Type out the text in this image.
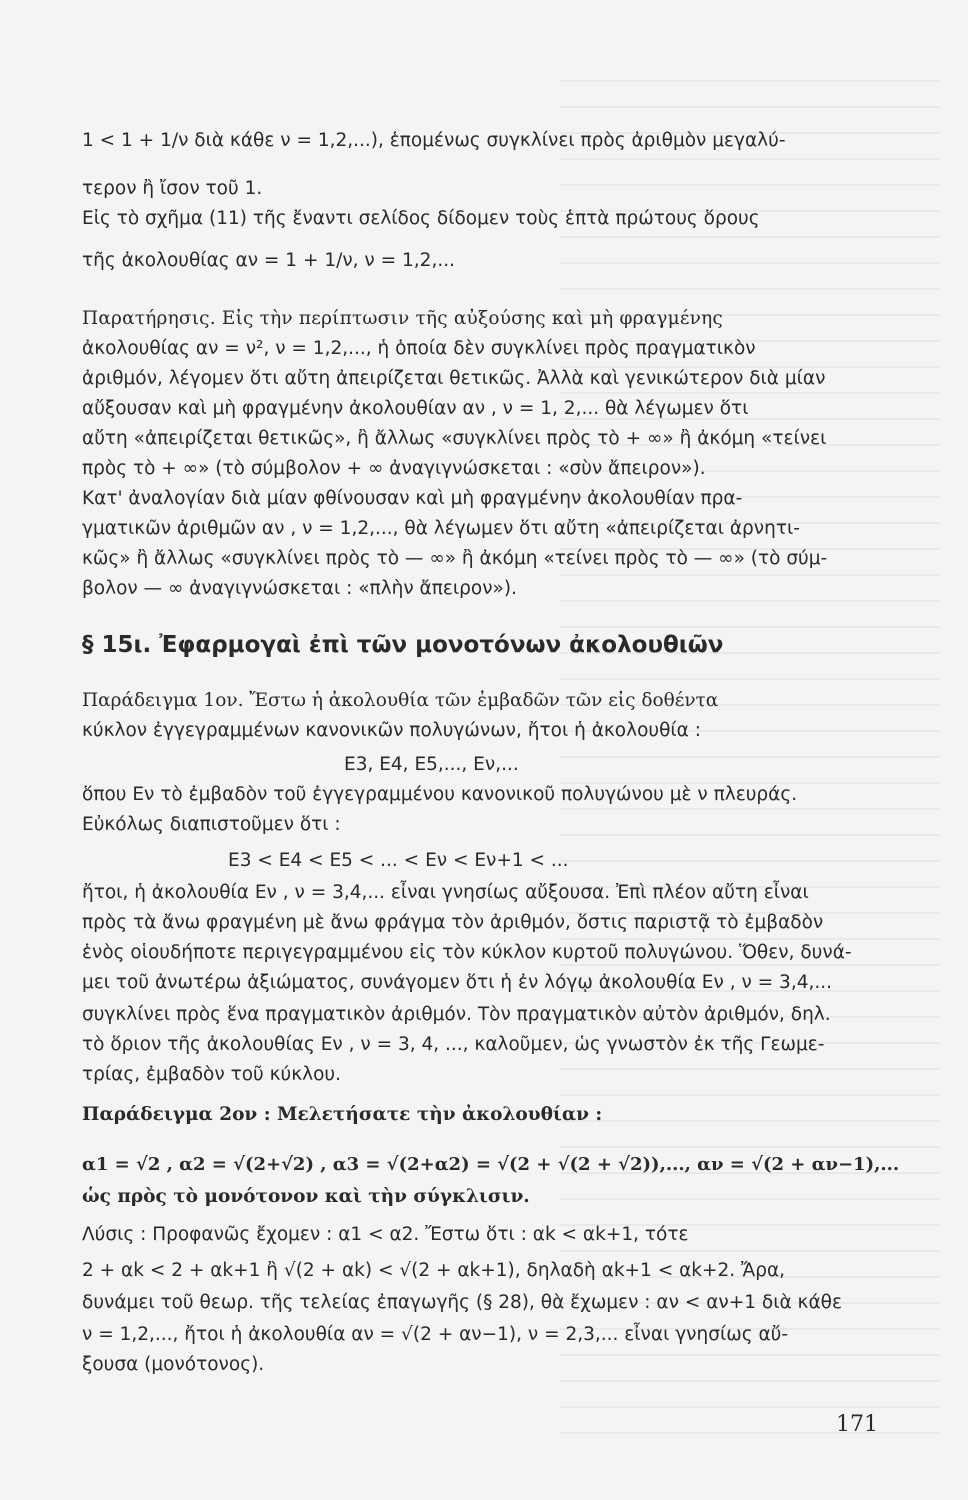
1 < 1 + 1/ν διὰ κάθε ν = 1,2,...), ἑπομένως συγκλίνει πρὸς ἀριθμὸν μεγαλύ-
τερον ἢ ἴσον τοῦ 1.
Εἰς τὸ σχῆμα (11) τῆς ἔναντι σελίδος δίδομεν τοὺς ἑπτὰ πρώτους ὅρους
τῆς ἀκολουθίας αν = 1 + 1/ν, ν = 1,2,...
Παρατήρησις. Εἰς τὴν περίπτωσιν τῆς αὐξούσης καὶ μὴ φραγμένης
ἀκολουθίας αν = ν², ν = 1,2,..., ἡ ὁποία δὲν συγκλίνει πρὸς πραγματικὸν
ἀριθμόν, λέγομεν ὅτι αὔτη ἀπειρίζεται θετικῶς. Ἀλλὰ καὶ γενικώτερον διὰ μίαν
αὔξουσαν καὶ μὴ φραγμένην ἀκολουθίαν αν , ν = 1, 2,... θὰ λέγωμεν ὅτι
αὔτη «ἀπειρίζεται θετικῶς», ἢ ἄλλως «συγκλίνει πρὸς τὸ + ∞» ἢ ἀκόμη «τείνει
πρὸς τὸ + ∞» (τὸ σύμβολον + ∞ ἀναγιγνώσκεται : «σὺν ἄπειρον»).
Κατ' ἀναλογίαν διὰ μίαν φθίνουσαν καὶ μὴ φραγμένην ἀκολουθίαν πρα-
γματικῶν ἀριθμῶν αν , ν = 1,2,..., θὰ λέγωμεν ὅτι αὔτη «ἀπειρίζεται ἀρνητι-
κῶς» ἢ ἄλλως «συγκλίνει πρὸς τὸ — ∞» ἢ ἀκόμη «τείνει πρὸς τὸ — ∞» (τὸ σύμ-
βολον — ∞ ἀναγιγνώσκεται : «πλὴν ἄπειρον»).
§ 15ι. Ἐφαρμογαὶ ἐπὶ τῶν μονοτόνων ἀκολουθιῶν
Παράδειγμα 1ον. Ἔστω ἡ ἀκολουθία τῶν ἐμβαδῶν τῶν εἰς δοθέντα
κύκλον ἐγγεγραμμένων κανονικῶν πολυγώνων, ἤτοι ἡ ἀκολουθία :
Ε3, Ε4, Ε5,..., Εν,...
ὅπου Εν τὸ ἐμβαδὸν τοῦ ἐγγεγραμμένου κανονικοῦ πολυγώνου μὲ ν πλευράς.
Εὐκόλως διαπιστοῦμεν ὅτι :
Ε3 < Ε4 < Ε5 < ... < Εν < Εν+1 < ...
ἤτοι, ἡ ἀκολουθία Εν , ν = 3,4,... εἶναι γνησίως αὔξουσα. Ἐπὶ πλέον αὔτη εἶναι
πρὸς τὰ ἄνω φραγμένη μὲ ἄνω φράγμα τὸν ἀριθμόν, ὅστις παριστᾷ τὸ ἐμβαδὸν
ἑνὸς οἱουδήποτε περιγεγραμμένου εἰς τὸν κύκλον κυρτοῦ πολυγώνου. Ὅθεν, δυνά-
μει τοῦ ἀνωτέρω ἀξιώματος, συνάγομεν ὅτι ἡ ἐν λόγῳ ἀκολουθία Εν , ν = 3,4,...
συγκλίνει πρὸς ἕνα πραγματικὸν ἀριθμόν. Τὸν πραγματικὸν αὐτὸν ἀριθμόν, δηλ.
τὸ ὅριον τῆς ἀκολουθίας Εν , ν = 3, 4, ..., καλοῦμεν, ὡς γνωστὸν ἐκ τῆς Γεωμε-
τρίας, ἐμβαδὸν τοῦ κύκλου.
Παράδειγμα 2ον : Μελετήσατε τὴν ἀκολουθίαν :
α1 = √2 , α2 = √(2+√2) , α3 = √(2+α2) = √(2 + √(2 + √2)),..., αν = √(2 + αν−1),...
ὡς πρὸς τὸ μονότονον καὶ τὴν σύγκλισιν.
Λύσις : Προφανῶς ἔχομεν : α1 < α2. Ἔστω ὅτι : αk < αk+1, τότε
2 + αk < 2 + αk+1 ἢ √(2 + αk) < √(2 + αk+1), δηλαδὴ αk+1 < αk+2. Ἄρα,
δυνάμει τοῦ θεωρ. τῆς τελείας ἐπαγωγῆς (§ 28), θὰ ἔχωμεν : αν < αν+1 διὰ κάθε
ν = 1,2,..., ἤτοι ἡ ἀκολουθία αν = √(2 + αν−1), ν = 2,3,... εἶναι γνησίως αὔ-
ξουσα (μονότονος).
171
